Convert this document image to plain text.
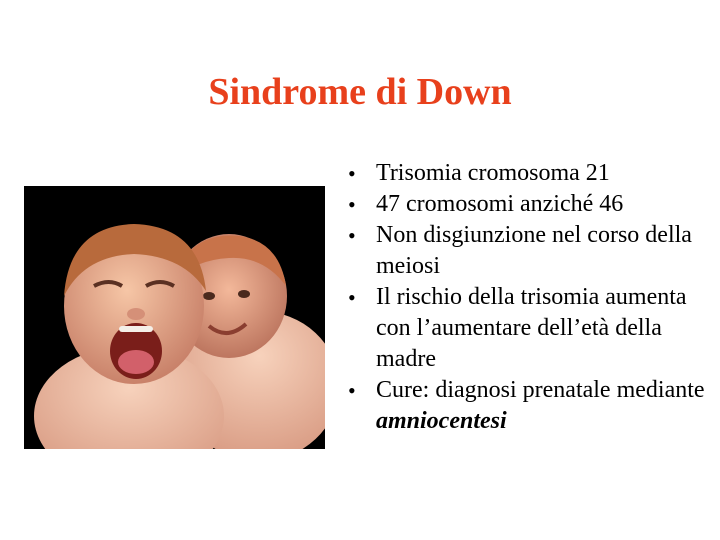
Sindrome di Down
• Trisomia cromosoma 21
• 47 cromosomi anziché 46
• Non disgiunzione nel corso della meiosi
• Il rischio della trisomia aumenta con l’aumentare dell’età della madre
• Cure: diagnosi prenatale mediante amniocentesi
